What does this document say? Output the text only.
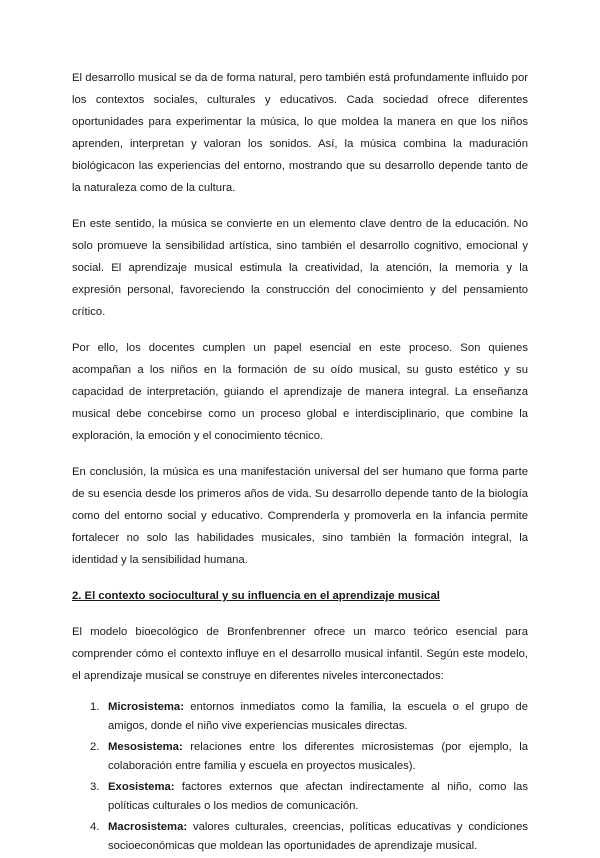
El desarrollo musical se da de forma natural, pero también está profundamente influido por los contextos sociales, culturales y educativos. Cada sociedad ofrece diferentes oportunidades para experimentar la música, lo que moldea la manera en que los niños aprenden, interpretan y valoran los sonidos. Así, la música combina la maduración biológicacon las experiencias del entorno, mostrando que su desarrollo depende tanto de la naturaleza como de la cultura.

En este sentido, la música se convierte en un elemento clave dentro de la educación. No solo promueve la sensibilidad artística, sino también el desarrollo cognitivo, emocional y social. El aprendizaje musical estimula la creatividad, la atención, la memoria y la expresión personal, favoreciendo la construcción del conocimiento y del pensamiento crítico.

Por ello, los docentes cumplen un papel esencial en este proceso. Son quienes acompañan a los niños en la formación de su oído musical, su gusto estético y su capacidad de interpretación, guiando el aprendizaje de manera integral. La enseñanza musical debe concebirse como un proceso global e interdisciplinario, que combine la exploración, la emoción y el conocimiento técnico.

En conclusión, la música es una manifestación universal del ser humano que forma parte de su esencia desde los primeros años de vida. Su desarrollo depende tanto de la biología como del entorno social y educativo. Comprenderla y promoverla en la infancia permite fortalecer no solo las habilidades musicales, sino también la formación integral, la identidad y la sensibilidad humana.

2. El contexto sociocultural y su influencia en el aprendizaje musical

El modelo bioecológico de Bronfenbrenner ofrece un marco teórico esencial para comprender cómo el contexto influye en el desarrollo musical infantil. Según este modelo, el aprendizaje musical se construye en diferentes niveles interconectados:

1. Microsistema: entornos inmediatos como la familia, la escuela o el grupo de amigos, donde el niño vive experiencias musicales directas.
2. Mesosistema: relaciones entre los diferentes microsistemas (por ejemplo, la colaboración entre familia y escuela en proyectos musicales).
3. Exosistema: factores externos que afectan indirectamente al niño, como las políticas culturales o los medios de comunicación.
4. Macrosistema: valores culturales, creencias, políticas educativas y condiciones socioeconómicas que moldean las oportunidades de aprendizaje musical.
